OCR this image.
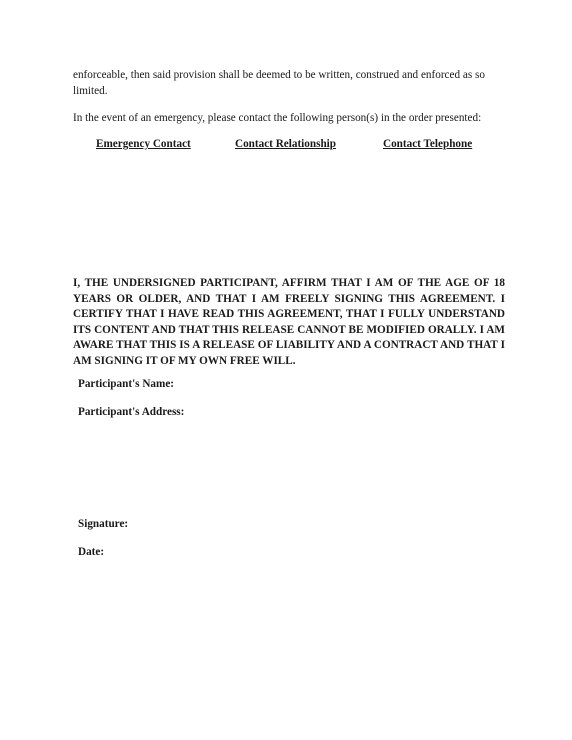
enforceable, then said provision shall be deemed to be written, construed and enforced as so limited.

In the event of an emergency, please contact the following person(s) in the order presented:

Emergency Contact	Contact Relationship	Contact Telephone

I, THE UNDERSIGNED PARTICIPANT, AFFIRM THAT I AM OF THE AGE OF 18 YEARS OR OLDER, AND THAT I AM FREELY SIGNING THIS AGREEMENT. I CERTIFY THAT I HAVE READ THIS AGREEMENT, THAT I FULLY UNDERSTAND ITS CONTENT AND THAT THIS RELEASE CANNOT BE MODIFIED ORALLY. I AM AWARE THAT THIS IS A RELEASE OF LIABILITY AND A CONTRACT AND THAT I AM SIGNING IT OF MY OWN FREE WILL.

Participant's Name:
Participant's Address:
Signature:
Date:
